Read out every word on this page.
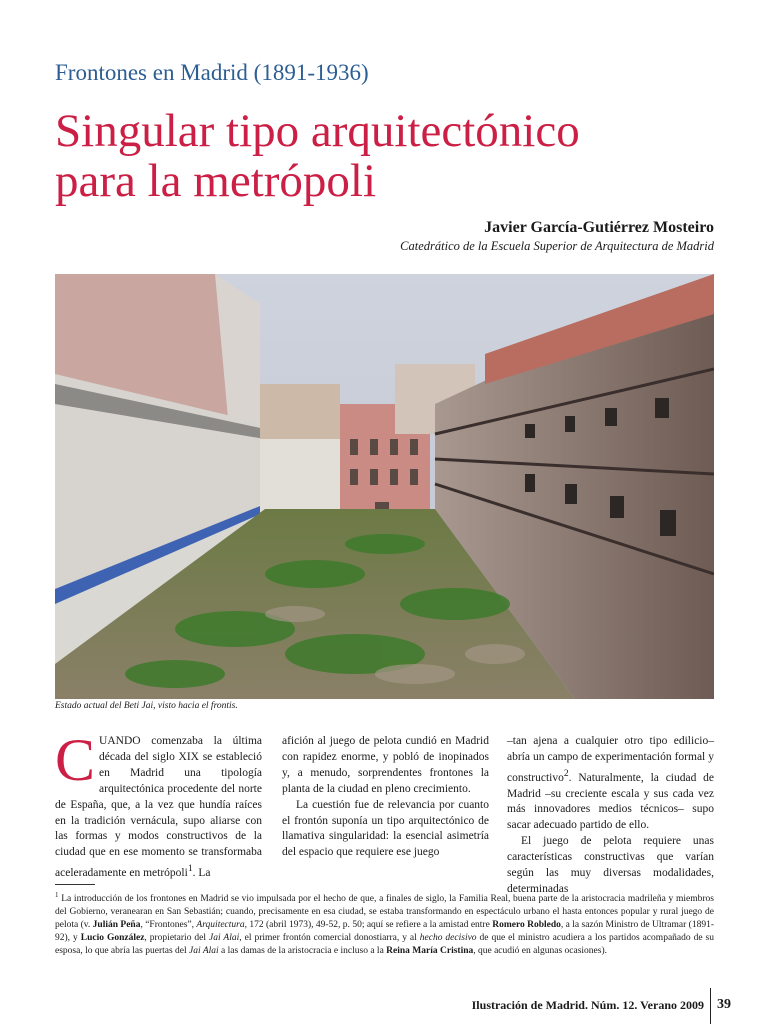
Frontones en Madrid (1891-1936)
Singular tipo arquitectónico
para la metrópoli
Javier García-Gutiérrez Mosteiro
Catedrático de la Escuela Superior de Arquitectura de Madrid
Estado actual del Beti Jai, visto hacia el frontis.

CUANDO comenzaba la última década del siglo XIX se estableció en Madrid una tipología arquitectónica procedente del norte de España, que, a la vez que hundía raíces en la tradición vernácula, supo aliarse con las formas y modos constructivos de la ciudad que en ese momento se transformaba aceleradamente en metrópoli$^1$. La

afición al juego de pelota cundió en Madrid con rapidez enorme, y pobló de inopinados y, a menudo, sorprendentes frontones la planta de la ciudad en pleno crecimiento.

La cuestión fue de relevancia por cuanto el frontón suponía un tipo arquitectónico de llamativa singularidad: la esencial asimetría del espacio que requiere ese juego

–tan ajena a cualquier otro tipo edilicio– abría un campo de experimentación formal y constructivo$^2$. Naturalmente, la ciudad de Madrid –su creciente escala y sus cada vez más innovadores medios técnicos– supo sacar adecuado partido de ello.

El juego de pelota requiere unas características constructivas que varían según las muy diversas modalidades, determinadas

$^1$ La introducción de los frontones en Madrid se vio impulsada por el hecho de que, a finales de siglo, la Familia Real, buena parte de la aristocracia madrileña y miembros del Gobierno, veranearan en San Sebastián; cuando, precisamente en esa ciudad, se estaba transformando en espectáculo urbano el hasta entonces popular y rural juego de pelota (v. Julián Peña, “Frontones”, Arquitectura, 172 (abril 1973), 49-52, p. 50; aquí se refiere a la amistad entre Romero Robledo, a la sazón Ministro de Ultramar (1891-92), y Lucio González, propietario del Jai Alai, el primer frontón comercial donostiarra, y al hecho decisivo de que el ministro acudiera a los partidos acompañado de su esposa, lo que abría las puertas del Jai Alai a las damas de la aristocracia e incluso a la Reina María Cristina, que acudió en algunas ocasiones).
Ilustración de Madrid. Núm. 12. Verano 2009 39
